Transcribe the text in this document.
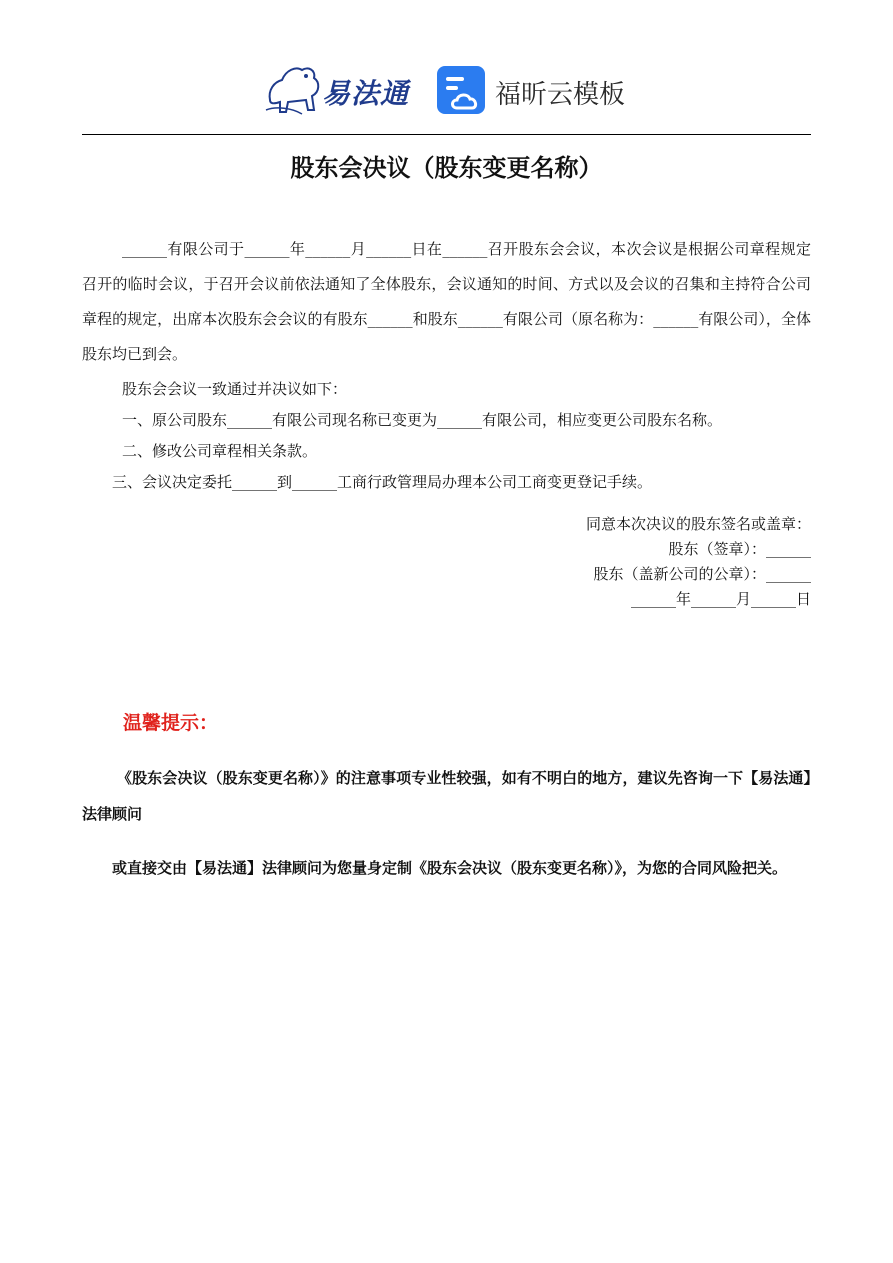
易法通	福昕云模板
股东会决议（股东变更名称）

______有限公司于______年______月______日在______召开股东会会议，本次会议是根据公司章程规定召开的临时会议，于召开会议前依法通知了全体股东，会议通知的时间、方式以及会议的召集和主持符合公司章程的规定，出席本次股东会会议的有股东______和股东______有限公司（原名称为：______有限公司），全体股东均已到会。

股东会会议一致通过并决议如下：

一、原公司股东______有限公司现名称已变更为______有限公司，相应变更公司股东名称。

二、修改公司章程相关条款。

三、会议决定委托______到______工商行政管理局办理本公司工商变更登记手续。

同意本次决议的股东签名或盖章：
股东（签章）：______
股东（盖新公司的公章）：______
______年______月______日
温馨提示：
《股东会决议（股东变更名称）》的注意事项专业性较强，如有不明白的地方，建议先咨询一下【易法通】法律顾问
或直接交由【易法通】法律顾问为您量身定制《股东会决议（股东变更名称）》，为您的合同风险把关。
